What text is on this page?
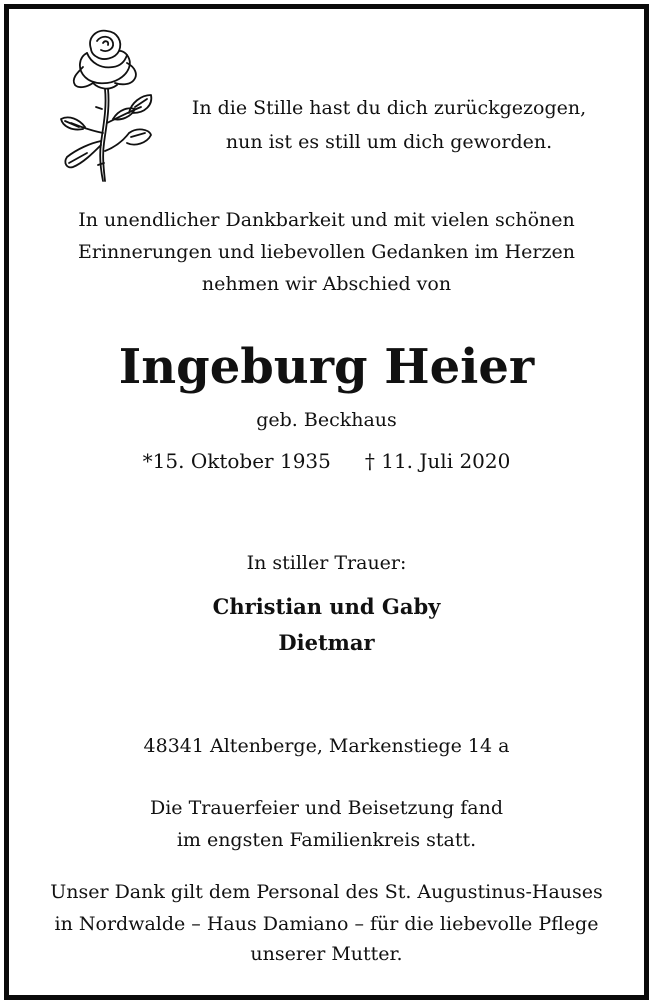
In die Stille hast du dich zurückgezogen,
nun ist es still um dich geworden.
In unendlicher Dankbarkeit und mit vielen schönen
Erinnerungen und liebevollen Gedanken im Herzen
nehmen wir Abschied von
Ingeburg Heier
geb. Beckhaus
*15. Oktober 1935 † 11. Juli 2020
In stiller Trauer:
Christian und Gaby
Dietmar
48341 Altenberge, Markenstiege 14 a
Die Trauerfeier und Beisetzung fand
im engsten Familienkreis statt.
Unser Dank gilt dem Personal des St. Augustinus-Hauses
in Nordwalde – Haus Damiano – für die liebevolle Pflege
unserer Mutter.
